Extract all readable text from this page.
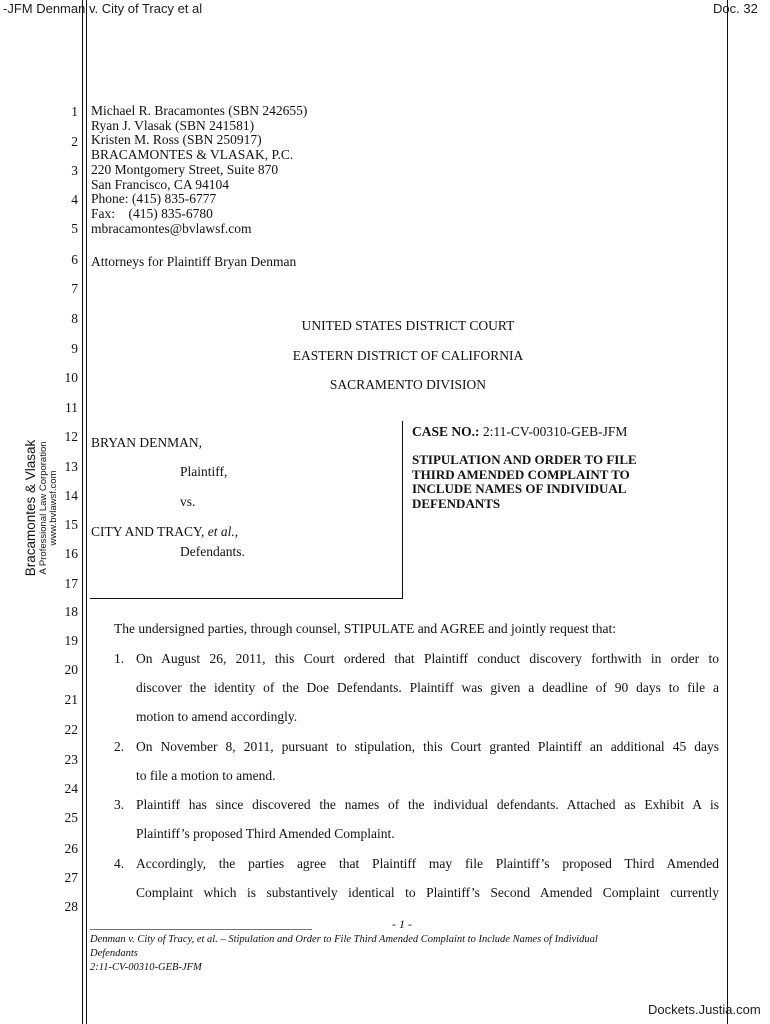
-JFM Denman v. City of Tracy et al	Doc. 32
Bracamontes & Vlasak A Professional Law Corporation www.bvlawsf.com
1
2
3
4
5
6
7
8
9
10
11
12
13
14
15
16
17
18
19
20
21
22
23
24
25
26
27
28
Michael R. Bracamontes (SBN 242655)
Ryan J. Vlasak (SBN 241581)
Kristen M. Ross (SBN 250917)
BRACAMONTES & VLASAK, P.C.
220 Montgomery Street, Suite 870
San Francisco, CA 94104
Phone: (415) 835-6777
Fax:    (415) 835-6780
mbracamontes@bvlawsf.com
Attorneys for Plaintiff Bryan Denman
UNITED STATES DISTRICT COURT
EASTERN DISTRICT OF CALIFORNIA
SACRAMENTO DIVISION
BRYAN DENMAN,
Plaintiff,
vs.
CITY AND TRACY, et al.,
Defendants.
CASE NO.: 2:11-CV-00310-GEB-JFM
STIPULATION AND ORDER TO FILE
THIRD AMENDED COMPLAINT TO
INCLUDE NAMES OF INDIVIDUAL
DEFENDANTS
The undersigned parties, through counsel, STIPULATE and AGREE and jointly request that:
1. On August 26, 2011, this Court ordered that Plaintiff conduct discovery forthwith in order to
discover the identity of the Doe Defendants. Plaintiff was given a deadline of 90 days to file a
motion to amend accordingly.
2. On November 8, 2011, pursuant to stipulation, this Court granted Plaintiff an additional 45 days
to file a motion to amend.
3. Plaintiff has since discovered the names of the individual defendants. Attached as Exhibit A is
Plaintiff’s proposed Third Amended Complaint.
4. Accordingly, the parties agree that Plaintiff may file Plaintiff’s proposed Third Amended
Complaint which is substantively identical to Plaintiff’s Second Amended Complaint currently
_____________________________________	- 1 -
Denman v. City of Tracy, et al. – Stipulation and Order to File Third Amended Complaint to Include Names of Individual
Defendants
2:11-CV-00310-GEB-JFM
Dockets.Justia.com
